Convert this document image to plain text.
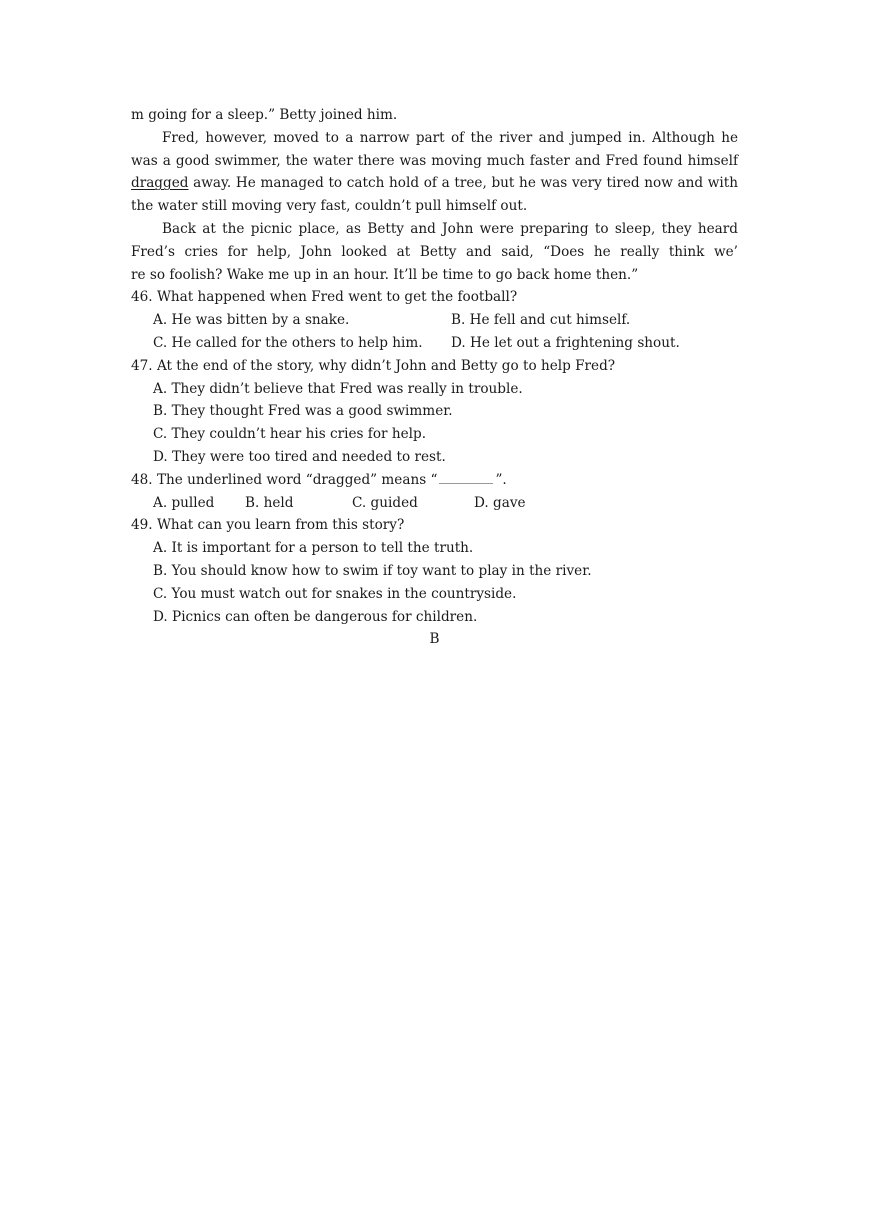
m going for a sleep.” Betty joined him.
Fred, however, moved to a narrow part of the river and jumped in. Although he
was a good swimmer, the water there was moving much faster and Fred found himself
dragged away. He managed to catch hold of a tree, but he was very tired now and with
the water still moving very fast, couldn’t pull himself out.
Back at the picnic place, as Betty and John were preparing to sleep, they heard
Fred’s cries for help, John looked at Betty and said, “Does he really think we’
re so foolish? Wake me up in an hour. It’ll be time to go back home then.”
46. What happened when Fred went to get the football?
A. He was bitten by a snake.	B. He fell and cut himself.
C. He called for the others to help him.	D. He let out a frightening shout.
47. At the end of the story, why didn’t John and Betty go to help Fred?
A. They didn’t believe that Fred was really in trouble.
B. They thought Fred was a good swimmer.
C. They couldn’t hear his cries for help.
D. They were too tired and needed to rest.
48. The underlined word “dragged” means “	”.
A. pulled	B. held	C. guided	D. gave
49. What can you learn from this story?
A. It is important for a person to tell the truth.
B. You should know how to swim if toy want to play in the river.
C. You must watch out for snakes in the countryside.
D. Picnics can often be dangerous for children.
B
